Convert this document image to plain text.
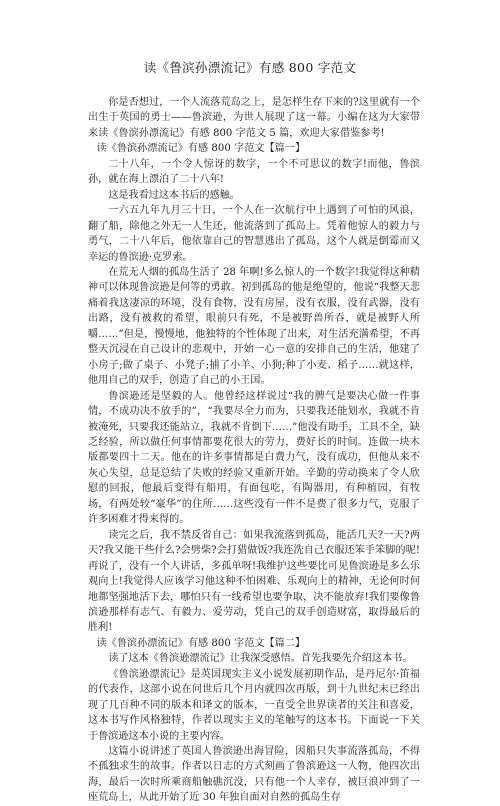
读《鲁滨孙漂流记》有感 800 字范文

你是否想过，一个人流落荒岛之上，是怎样生存下来的?这里就有一个出生于英国的勇士——鲁滨逊，为世人展现了这一幕。小编在这为大家带来读《鲁滨孙漂流记》有感 800 字范文 5 篇，欢迎大家借鉴参考!

读《鲁滨孙漂流记》有感 800 字范文【篇一】

二十八年，一个令人惊讶的数字，一个不可思议的数字!而他，鲁滨孙，就在海上漂泊了二十八年!

这是我看过这本书后的感触。

一六五九年九月三十日，一个人在一次航行中上遇到了可怕的风浪，翻了船，除他之外无一人生还，他流落到了孤岛上。凭着他惊人的毅力与勇气，二十八年后，他依靠自己的智慧逃出了孤岛，这个人就是倒霉而又幸运的鲁滨逊·克罗索。

在荒无人烟的孤岛生活了 28 年啊!多么惊人的一个数字!我觉得这种精神可以体现鲁滨逊是何等的勇敢。初到孤岛的他是绝望的，他说“我整天悲痛着我这凄凉的环境，没有食物，没有房屋，没有衣服，没有武器，没有出路，没有被救的希望，眼前只有死，不是被野兽所吞，就是被野人所嚼……”但是，慢慢地，他独特的个性体现了出来，对生活充满希望，不再整天沉浸在自己设计的悲观中，开始一心一意的安排自己的生活，他建了小房子;做了桌子、小凳子;捕了小羊、小狗;种了小麦、稻子……就这样，他用自己的双手，创造了自己的小王国。

鲁滨逊还是坚毅的人。他曾经这样说过“我的脾气是要决心做一件事情，不成功决不放手的”，“我要尽全力而为，只要我还能划水，我就不肯被淹死，只要我还能站立，我就不肯倒下……”他没有助手，工具不全，缺乏经验，所以做任何事情都要花很大的劳力，费好长的时间。连做一块木版都要四十二天。他在的许多事情都是白费力气，没有成功，但他从来不灰心失望，总是总结了失败的经验又重新开始。辛勤的劳动换来了令人欣慰的回报，他最后变得有船用，有面包吃，有陶器用，有种植园，有牧场，有两处较“豪华”的住所……这些没有一件不是费了很多力气，克服了许多困难才得来得的。

读完之后，我不禁反省自己：如果我流落到孤岛，能活几天?一天?两天?我又能干些什么?会劈柴?会打猎做饭?我连洗自己衣服还笨手笨脚的呢!再说了，没有一个人讲话，多孤单呀!我维护这些要比可见鲁滨逊是多么乐观向上!我觉得人应该学习他这种不怕困难、乐观向上的精神，无论何时何地都坚强地活下去，哪怕只有一线希望也要争取，决不能放弃!我们要像鲁滨逊那样有志气、有毅力、爱劳动，凭自己的双手创造财富，取得最后的胜利!

读《鲁滨孙漂流记》有感 800 字范文【篇二】

读了这本《鲁滨逊漂流记》让我深受感悟。首先我要先介绍这本书。

《鲁滨逊漂流记》是英国现实主义小说发展初期作品，是丹尼尔·笛福的代表作，这部小说在问世后几个月内就四次再版，到十九世纪末已经出现了几百种不同的版本和译文的版本，一直受全世界读者的关注和喜爱，这本书写作风格独特，作者以现实主义的笔触写的这本书。下面说一下关于鲁滨逊这本小说的主要内容。

这篇小说讲述了英国人鲁滨逊出海冒险，因船只失事流落孤岛，不得不孤独求生的故事。作者以日志的方式刻画了鲁滨逊这一人物，他四次出海，最后一次时所乘商船触礁沉没，只有他一个人幸存，被巨浪冲到了一座荒岛上，从此开始了近 30 年独自面对自然的孤岛生存
